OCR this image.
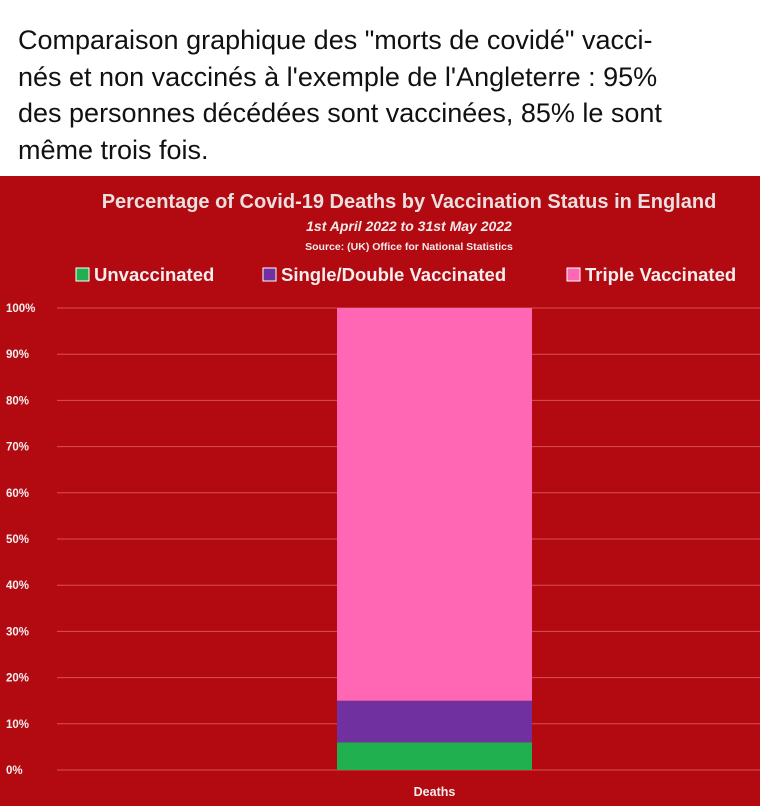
Comparaison graphique des "morts de covidé" vacci-
nés et non vaccinés à l'exemple de l'Angleterre : 95%
des personnes décédées sont vaccinées, 85% le sont
même trois fois.

Percentage of Covid-19 Deaths by Vaccination Status in England
1st April 2022 to 31st May 2022
Source: (UK) Office for National Statistics
Unvaccinated	Single/Double Vaccinated	Triple Vaccinated
0%
10%
20%
30%
40%
50%
60%
70%
80%
90%
100%
Deaths
